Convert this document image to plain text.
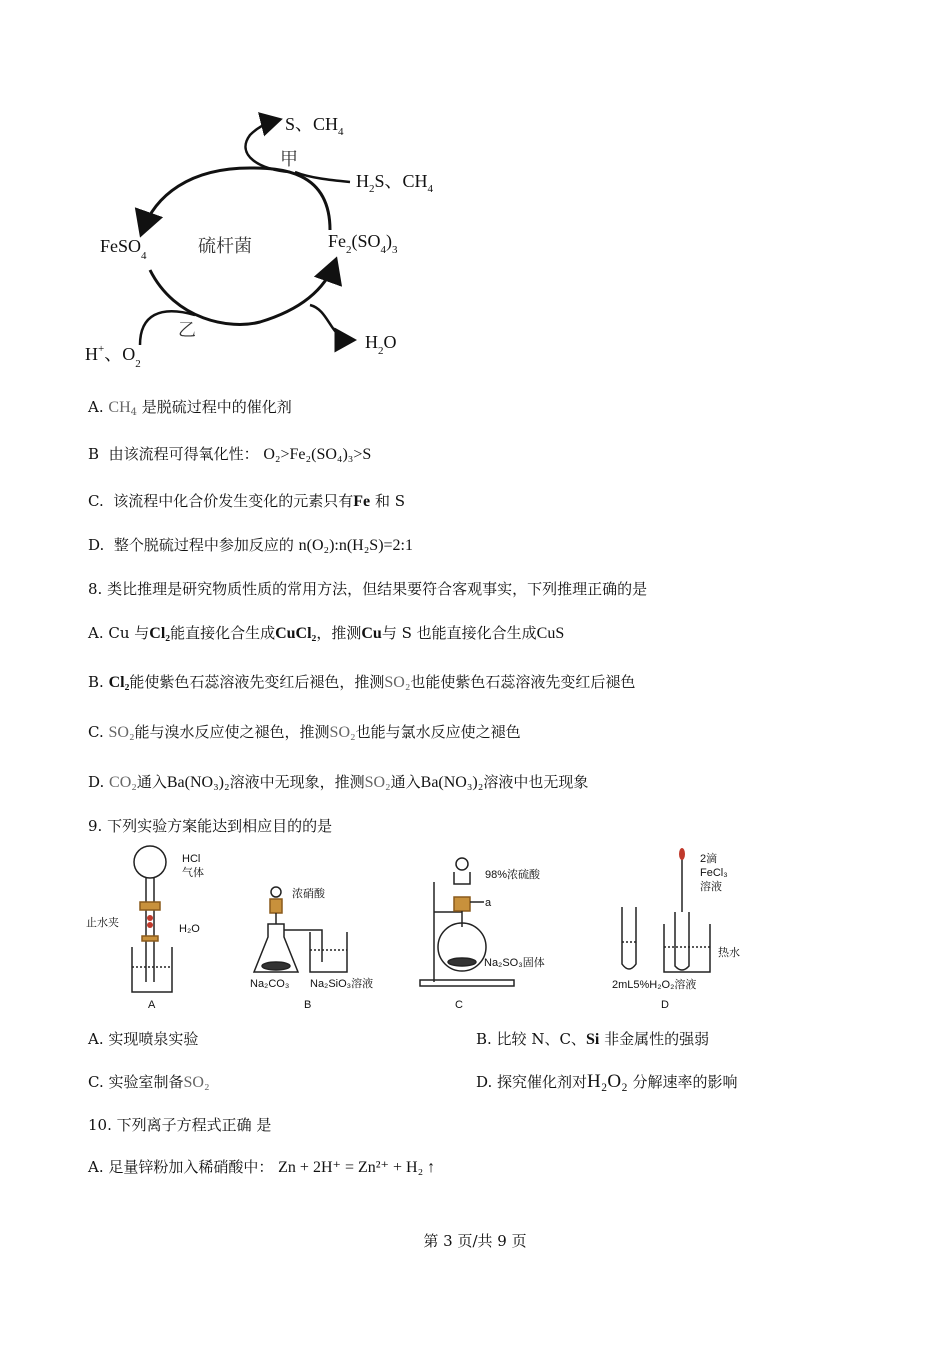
S、$CH_4$
甲
$H_2S$、$CH_4$
FeSO$_4$	硫杆菌	$Fe_2(SO_4)_3$
乙
H+、$O_2$
$H_2O$
A. $CH_4$ 是脱硫过程中的催化剂
B 由该流程可得氧化性： O₂>Fe₂(SO₄)₃>S
C. 该流程中化合价发生变化的元素只有Fe 和 S
D. 整个脱硫过程中参加反应的 n(O₂):n(H₂S)=2:1
8. 类比推理是研究物质性质的常用方法，但结果要符合客观事实，下列推理正确的是
A. Cu 与Cl₂能直接化合生成CuCl₂，推测Cu与 S 也能直接化合生成CuS
B. Cl₂能使紫色石蕊溶液先变红后褪色，推测SO₂也能使紫色石蕊溶液先变红后褪色
C. SO₂能与溴水反应使之褪色，推测SO₂也能与氯水反应使之褪色
D. CO₂通入Ba(NO₃)₂溶液中无现象，推测SO₂通入Ba(NO₃)₂溶液中也无现象
9. 下列实验方案能达到相应目的的是
HCl
气体
止水夹	H₂O
A
浓硝酸
Na₂CO₃ Na₂SiO₃溶液
B
98%浓硫酸
a
Na₂SO₃固体
C
2滴
FeCl₃
溶液
热水
2mL5%H₂O₂溶液
D
A. 实现喷泉实验	B. 比较 N、C、Si 非金属性的强弱
C. 实验室制备SO₂	D. 探究催化剂对H₂O₂ 分解速率的影响
10. 下列离子方程式正确 是
A. 足量锌粉加入稀硝酸中： Zn + 2H⁺ = Zn²⁺ + H₂ ↑
第 3 页/共 9 页
